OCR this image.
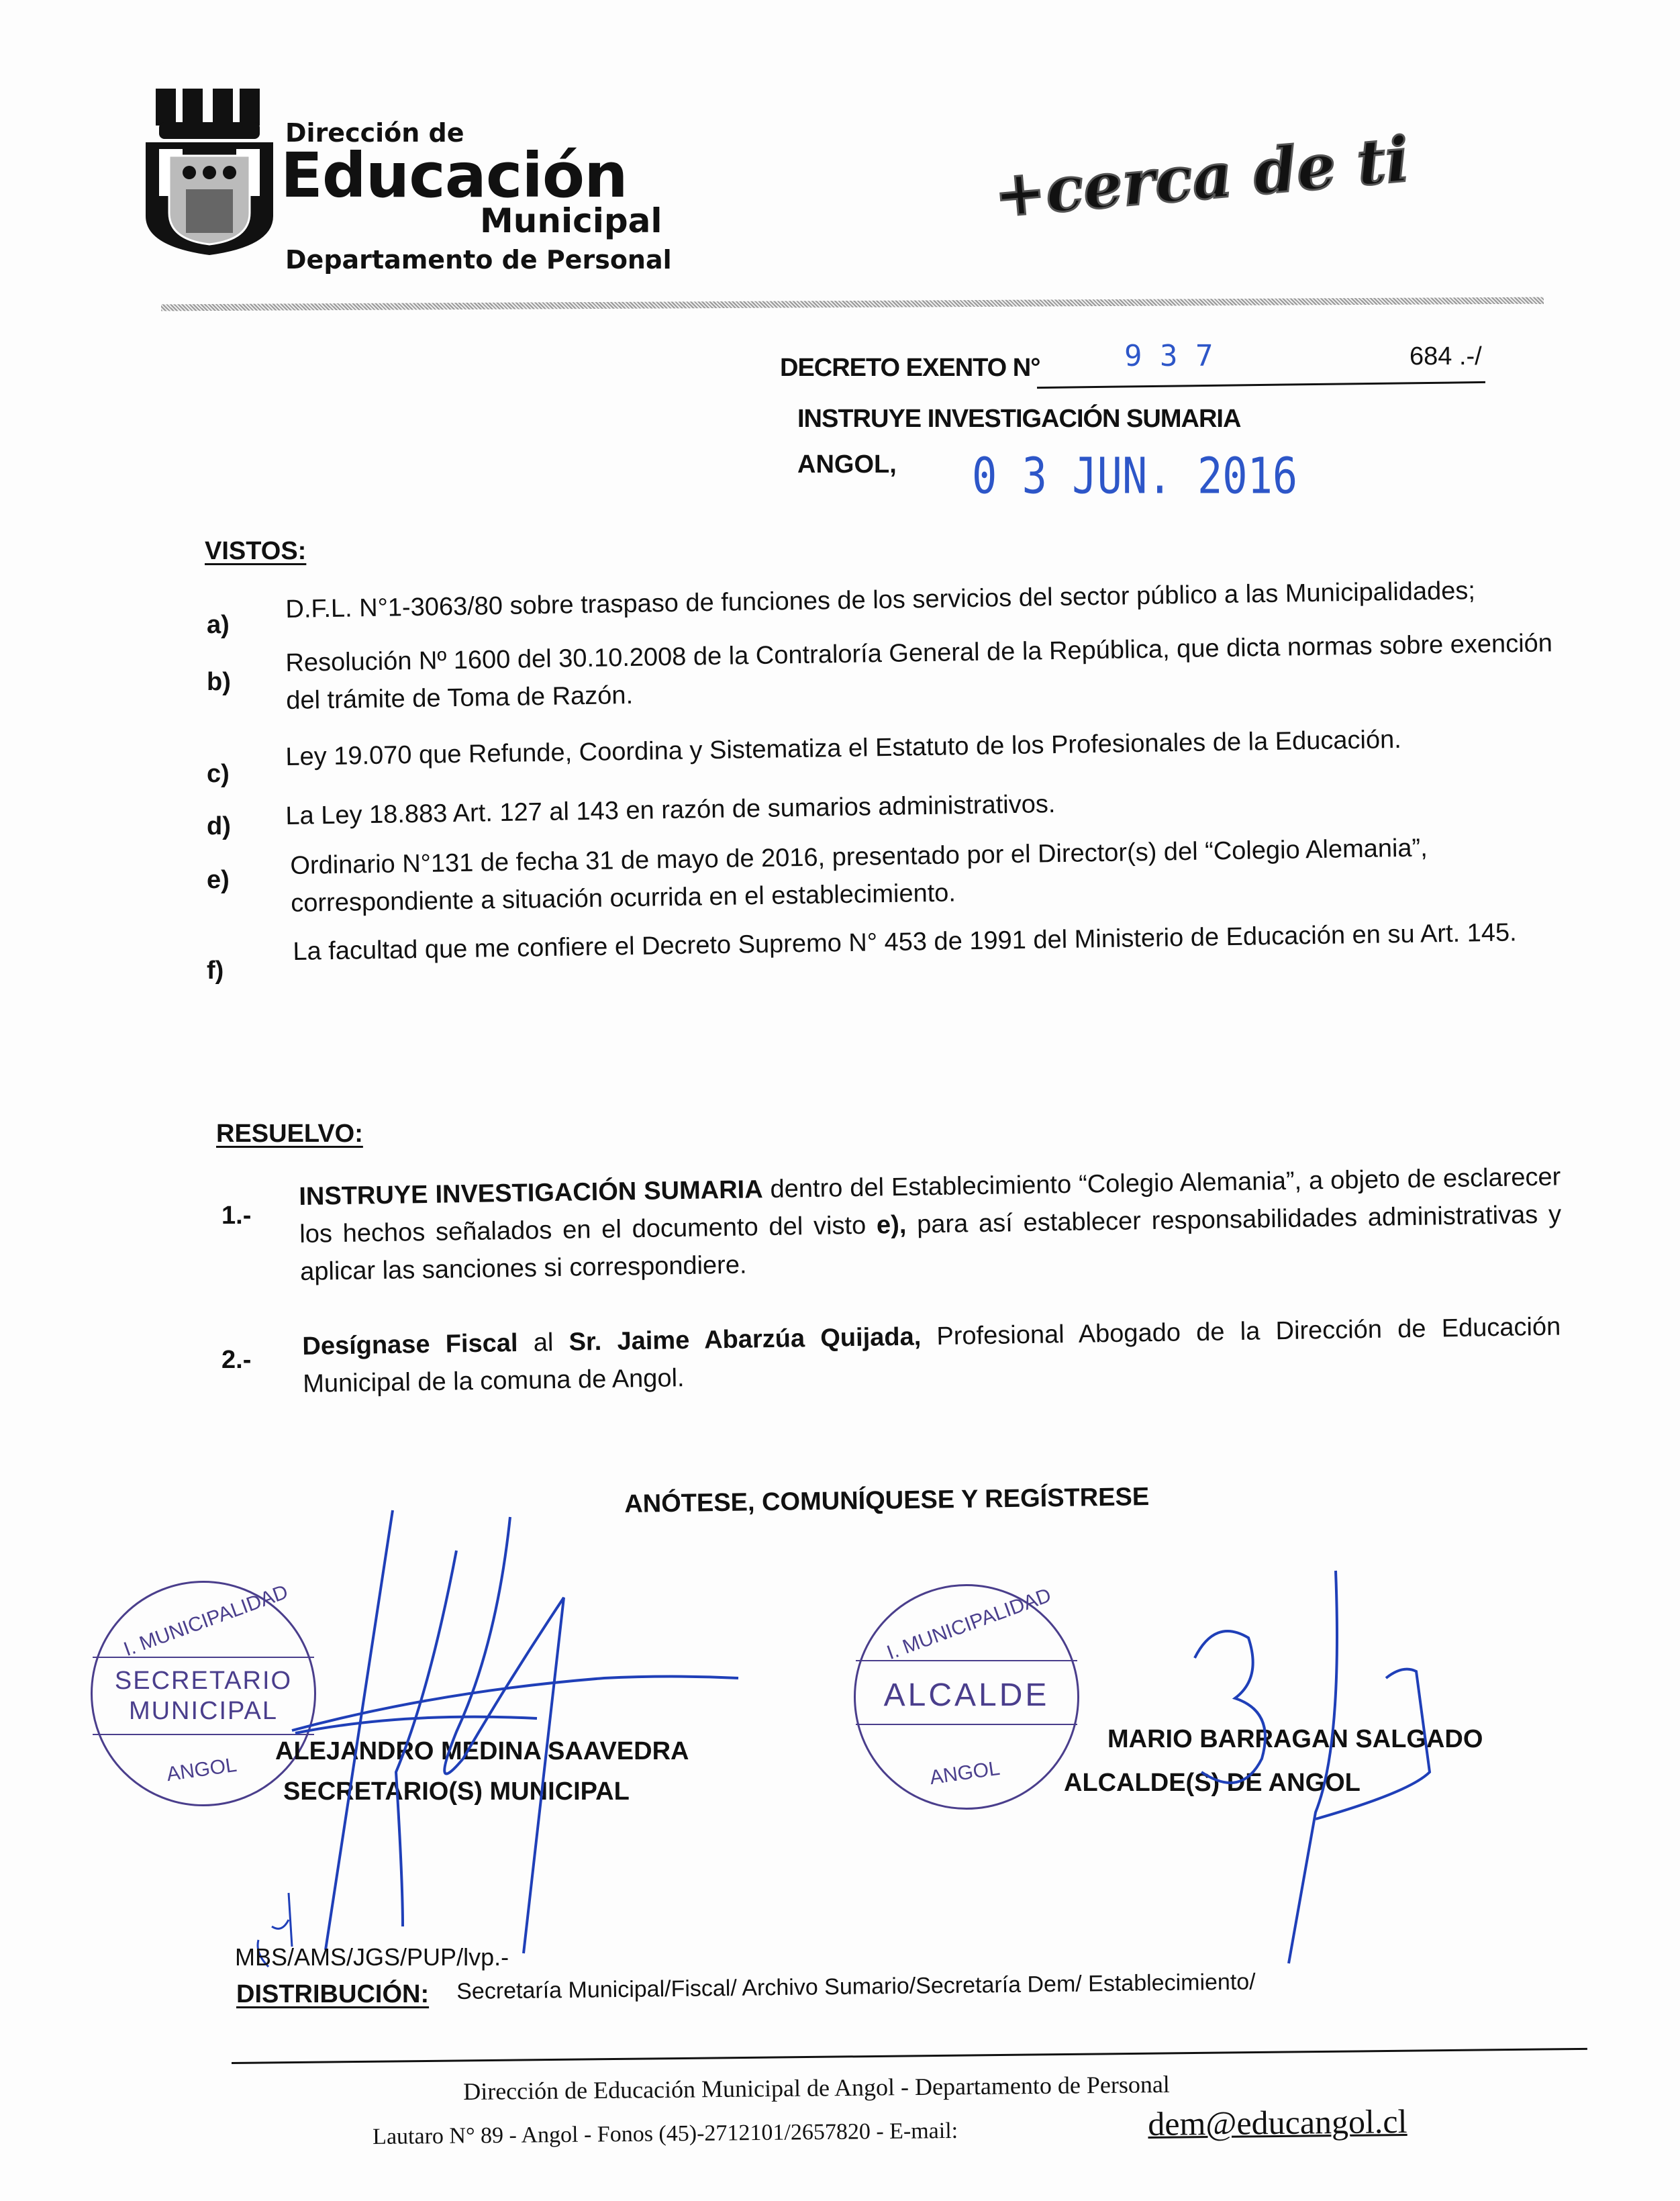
Dirección de
Educación
Municipal
Departamento de Personal
+cerca de ti
DECRETO EXENTO N°	9 3 7	684 .-/
INSTRUYE INVESTIGACIÓN SUMARIA
ANGOL, 0 3 JUN. 2016
VISTOS:
a)
D.F.L. N°1-3063/80 sobre traspaso de funciones de los servicios del sector público a las Municipalidades;
b)
Resolución Nº 1600 del 30.10.2008 de la Contraloría General de la República, que dicta normas sobre exención del trámite de Toma de Razón.
c)
Ley 19.070 que Refunde, Coordina y Sistematiza el Estatuto de los Profesionales de la Educación.
d) La Ley 18.883 Art. 127 al 143 en razón de sumarios administrativos.
e)
Ordinario N°131 de fecha 31 de mayo de 2016, presentado por el Director(s) del “Colegio Alemania”, correspondiente a situación ocurrida en el establecimiento.
f)
La facultad que me confiere el Decreto Supremo N° 453 de 1991 del Ministerio de Educación en su Art. 145.
RESUELVO:
1.-
INSTRUYE INVESTIGACIÓN SUMARIA dentro del Establecimiento “Colegio Alemania”, a objeto de esclarecer los hechos señalados en el documento del visto e), para así establecer responsabilidades administrativas y aplicar las sanciones si correspondiere.
2.- Desígnase Fiscal al Sr. Jaime Abarzúa Quijada, Profesional Abogado de la Dirección de Educación Municipal de la comuna de Angol.
ANÓTESE, COMUNÍQUESE Y REGÍSTRESE
I. MUNICIPALIDAD
SECRETARIO
MUNICIPAL
ANGOL
I. MUNICIPALIDAD
ALCALDE
ANGOL
ALEJANDRO MEDINA SAAVEDRA
SECRETARIO(S) MUNICIPAL
MARIO BARRAGAN SALGADO
ALCALDE(S) DE ANGOL
MBS/AMS/JGS/PUP/lvp.-
DISTRIBUCIÓN: Secretaría Municipal/Fiscal/ Archivo Sumario/Secretaría Dem/ Establecimiento/
Dirección de Educación Municipal de Angol - Departamento de Personal
Lautaro N° 89 - Angol - Fonos (45)-2712101/2657820 - E-mail:	dem@educangol.cl
